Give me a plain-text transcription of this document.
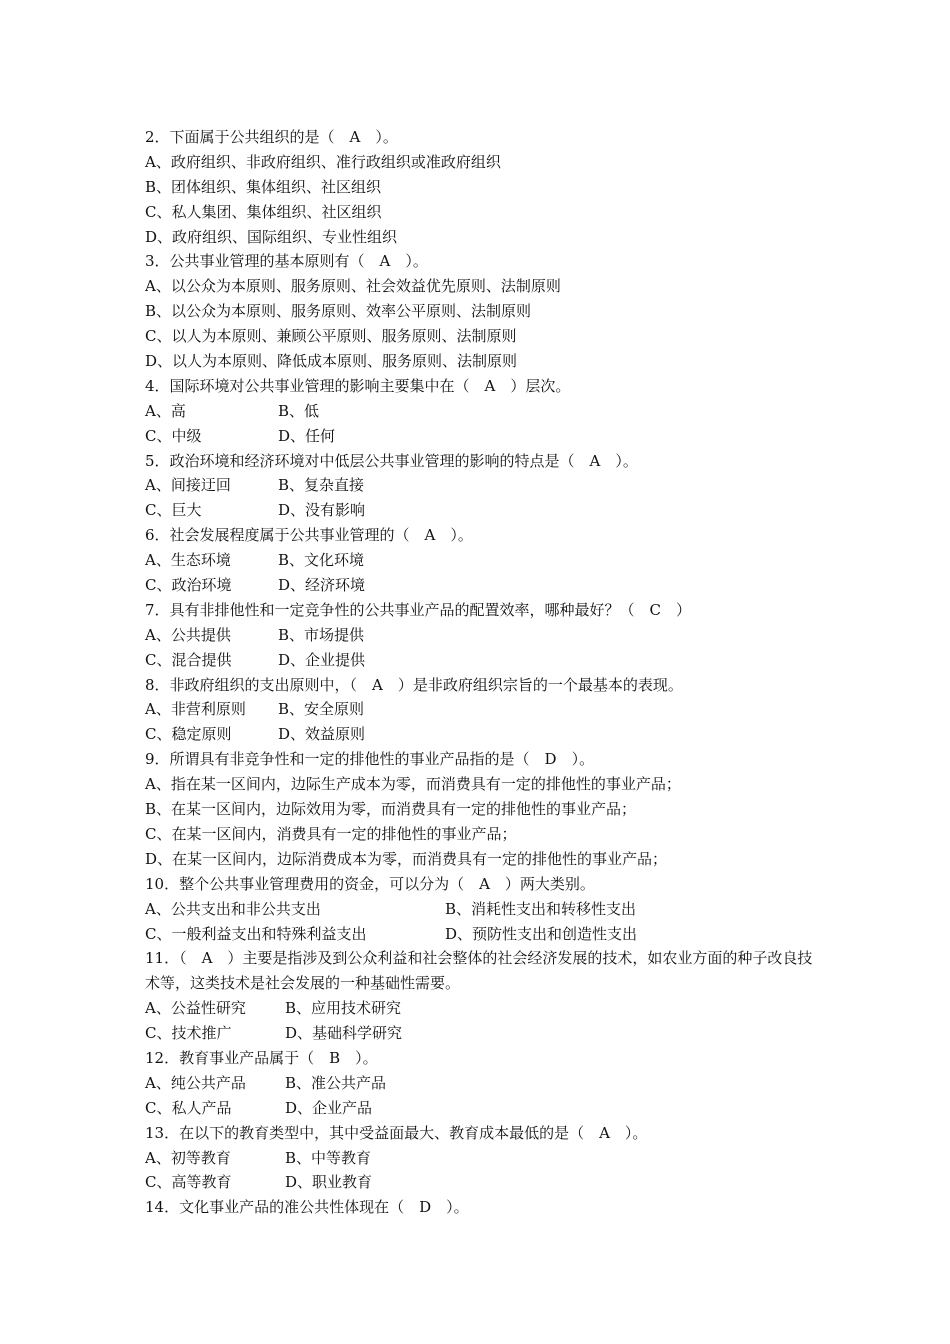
2．下面属于公共组织的是（　A　）。
A、政府组织、非政府组织、准行政组织或准政府组织
B、团体组织、集体组织、社区组织
C、私人集团、集体组织、社区组织
D、政府组织、国际组织、专业性组织
3．公共事业管理的基本原则有（　A　）。
A、以公众为本原则、服务原则、社会效益优先原则、法制原则
B、以公众为本原则、服务原则、效率公平原则、法制原则
C、以人为本原则、兼顾公平原则、服务原则、法制原则
D、以人为本原则、降低成本原则、服务原则、法制原则
4．国际环境对公共事业管理的影响主要集中在（　A　）层次。
A、高	B、低
C、中级	D、任何
5．政治环境和经济环境对中低层公共事业管理的影响的特点是（　A　）。
A、间接迂回	B、复杂直接
C、巨大	D、没有影响
6．社会发展程度属于公共事业管理的（　A　）。
A、生态环境	B、文化环境
C、政治环境	D、经济环境
7．具有非排他性和一定竞争性的公共事业产品的配置效率，哪种最好？（　C　）
A、公共提供	B、市场提供
C、混合提供	D、企业提供
8．非政府组织的支出原则中，（　A　）是非政府组织宗旨的一个最基本的表现。
A、非营利原则 B、安全原则
C、稳定原则	D、效益原则
9．所谓具有非竞争性和一定的排他性的事业产品指的是（　D　）。
A、指在某一区间内，边际生产成本为零，而消费具有一定的排他性的事业产品；
B、在某一区间内，边际效用为零，而消费具有一定的排他性的事业产品；
C、在某一区间内，消费具有一定的排他性的事业产品；
D、在某一区间内，边际消费成本为零，而消费具有一定的排他性的事业产品；
10．整个公共事业管理费用的资金，可以分为（　A　）两大类别。
A、公共支出和非公共支出	B、消耗性支出和转移性支出
C、一般利益支出和特殊利益支出	D、预防性支出和创造性支出
11．（　A　）主要是指涉及到公众利益和社会整体的社会经济发展的技术，如农业方面的种子改良技术等，这类技术是社会发展的一种基础性需要。
A、公益性研究	B、应用技术研究
C、技术推广	D、基础科学研究
12．教育事业产品属于（　B　）。
A、纯公共产品	B、准公共产品
C、私人产品	D、企业产品
13．在以下的教育类型中，其中受益面最大、教育成本最低的是（　A　）。
A、初等教育	B、中等教育
C、高等教育	D、职业教育
14．文化事业产品的准公共性体现在（　D　）。
